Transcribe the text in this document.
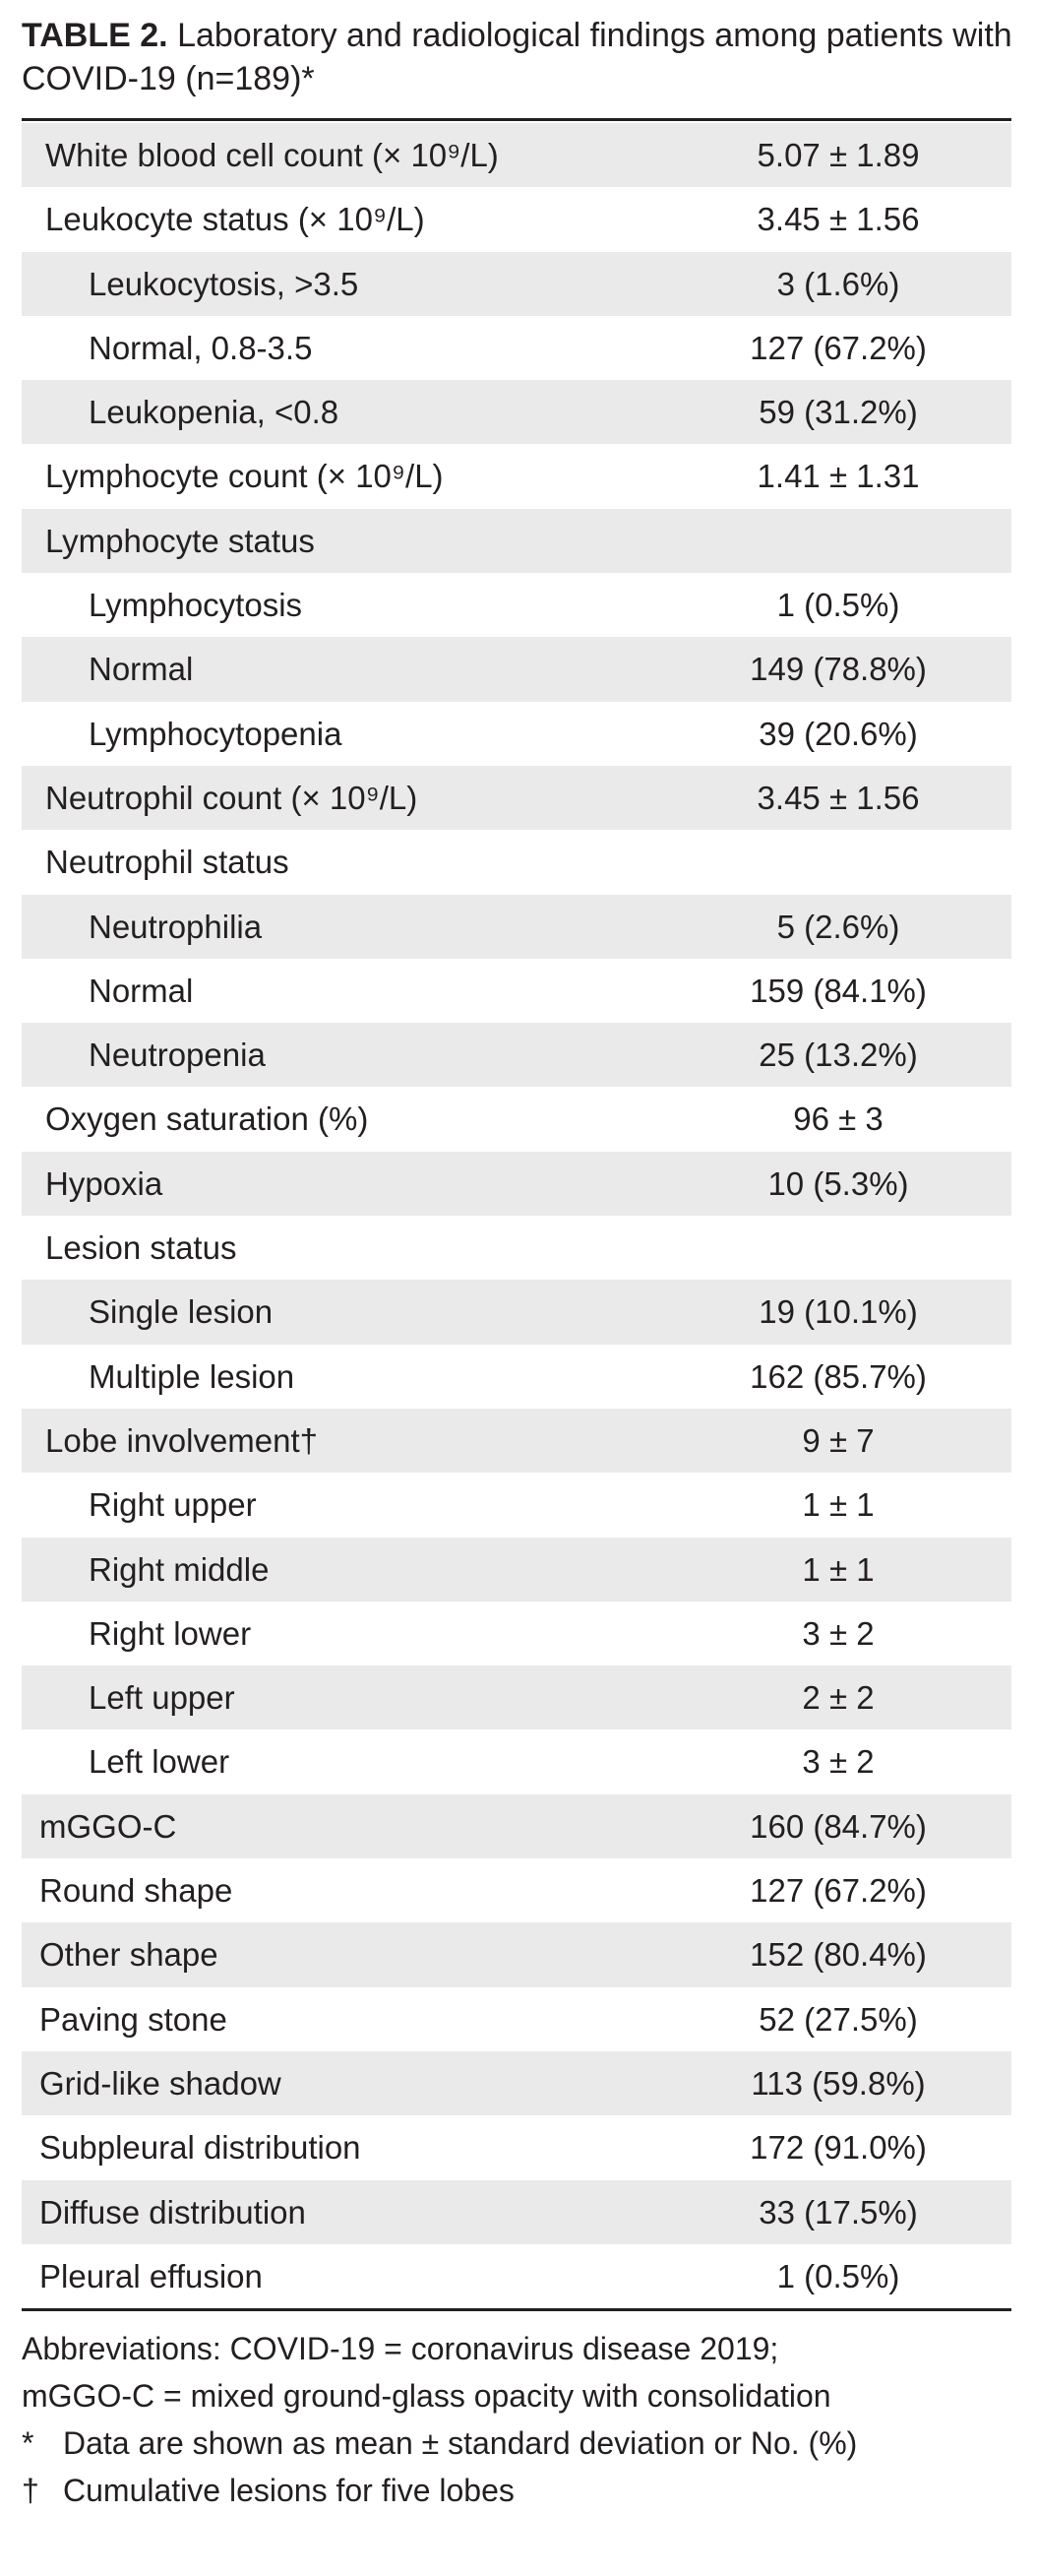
TABLE 2. Laboratory and radiological findings among patients with COVID-19 (n=189)*
White blood cell count (× 10⁹/L)	5.07 ± 1.89
Leukocyte status (× 10⁹/L)	3.45 ± 1.56
Leukocytosis, >3.5	3 (1.6%)
Normal, 0.8-3.5	127 (67.2%)
Leukopenia, <0.8	59 (31.2%)
Lymphocyte count (× 10⁹/L)	1.41 ± 1.31
Lymphocyte status
Lymphocytosis	1 (0.5%)
Normal	149 (78.8%)
Lymphocytopenia	39 (20.6%)
Neutrophil count (× 10⁹/L)	3.45 ± 1.56
Neutrophil status
Neutrophilia	5 (2.6%)
Normal	159 (84.1%)
Neutropenia	25 (13.2%)
Oxygen saturation (%)	96 ± 3
Hypoxia	10 (5.3%)
Lesion status
Single lesion	19 (10.1%)
Multiple lesion	162 (85.7%)
Lobe involvement†	9 ± 7
Right upper	1 ± 1
Right middle	1 ± 1
Right lower	3 ± 2
Left upper	2 ± 2
Left lower	3 ± 2
mGGO-C	160 (84.7%)
Round shape	127 (67.2%)
Other shape	152 (80.4%)
Paving stone	52 (27.5%)
Grid-like shadow	113 (59.8%)
Subpleural distribution	172 (91.0%)
Diffuse distribution	33 (17.5%)
Pleural effusion	1 (0.5%)
Abbreviations: COVID-19 = coronavirus disease 2019;
mGGO-C = mixed ground-glass opacity with consolidation
* Data are shown as mean ± standard deviation or No. (%)
† Cumulative lesions for five lobes
